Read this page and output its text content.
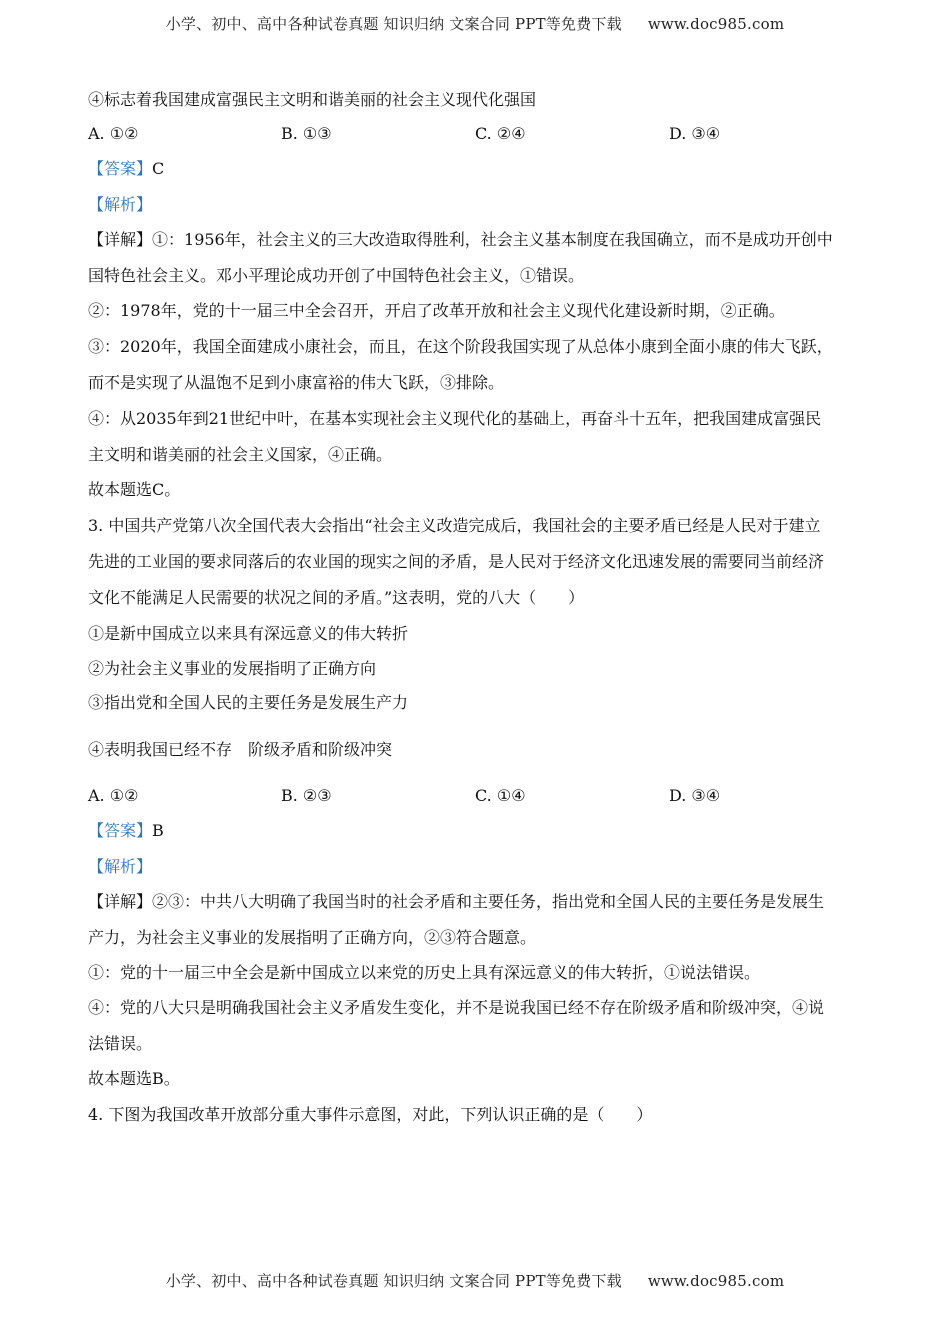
小学、初中、高中各种试卷真题 知识归纳 文案合同 PPT等免费下载 www.doc985.com
④标志着我国建成富强民主文明和谐美丽的社会主义现代化强国
A. ①②	B. ①③	C. ②④	D. ③④
【答案】C
【解析】
【详解】①：1956年，社会主义的三大改造取得胜利，社会主义基本制度在我国确立，而不是成功开创中
国特色社会主义。邓小平理论成功开创了中国特色社会主义，①错误。
②：1978年，党的十一届三中全会召开，开启了改革开放和社会主义现代化建设新时期，②正确。
③：2020年，我国全面建成小康社会，而且，在这个阶段我国实现了从总体小康到全面小康的伟大飞跃，
而不是实现了从温饱不足到小康富裕的伟大飞跃，③排除。
④：从2035年到21世纪中叶，在基本实现社会主义现代化的基础上，再奋斗十五年，把我国建成富强民
主文明和谐美丽的社会主义国家，④正确。
故本题选C。
3. 中国共产党第八次全国代表大会指出“社会主义改造完成后，我国社会的主要矛盾已经是人民对于建立
先进的工业国的要求同落后的农业国的现实之间的矛盾，是人民对于经济文化迅速发展的需要同当前经济
文化不能满足人民需要的状况之间的矛盾。”这表明，党的八大（　　）
①是新中国成立以来具有深远意义的伟大转折
②为社会主义事业的发展指明了正确方向
③指出党和全国人民的主要任务是发展生产力
④表明我国已经不存　阶级矛盾和阶级冲突
A. ①②	B. ②③	C. ①④	D. ③④
【答案】B
【解析】
【详解】②③：中共八大明确了我国当时的社会矛盾和主要任务，指出党和全国人民的主要任务是发展生
产力，为社会主义事业的发展指明了正确方向，②③符合题意。
①：党的十一届三中全会是新中国成立以来党的历史上具有深远意义的伟大转折，①说法错误。
④：党的八大只是明确我国社会主义矛盾发生变化，并不是说我国已经不存在阶级矛盾和阶级冲突，④说
法错误。
故本题选B。
4. 下图为我国改革开放部分重大事件示意图，对此，下列认识正确的是（　　）
小学、初中、高中各种试卷真题 知识归纳 文案合同 PPT等免费下载 www.doc985.com
